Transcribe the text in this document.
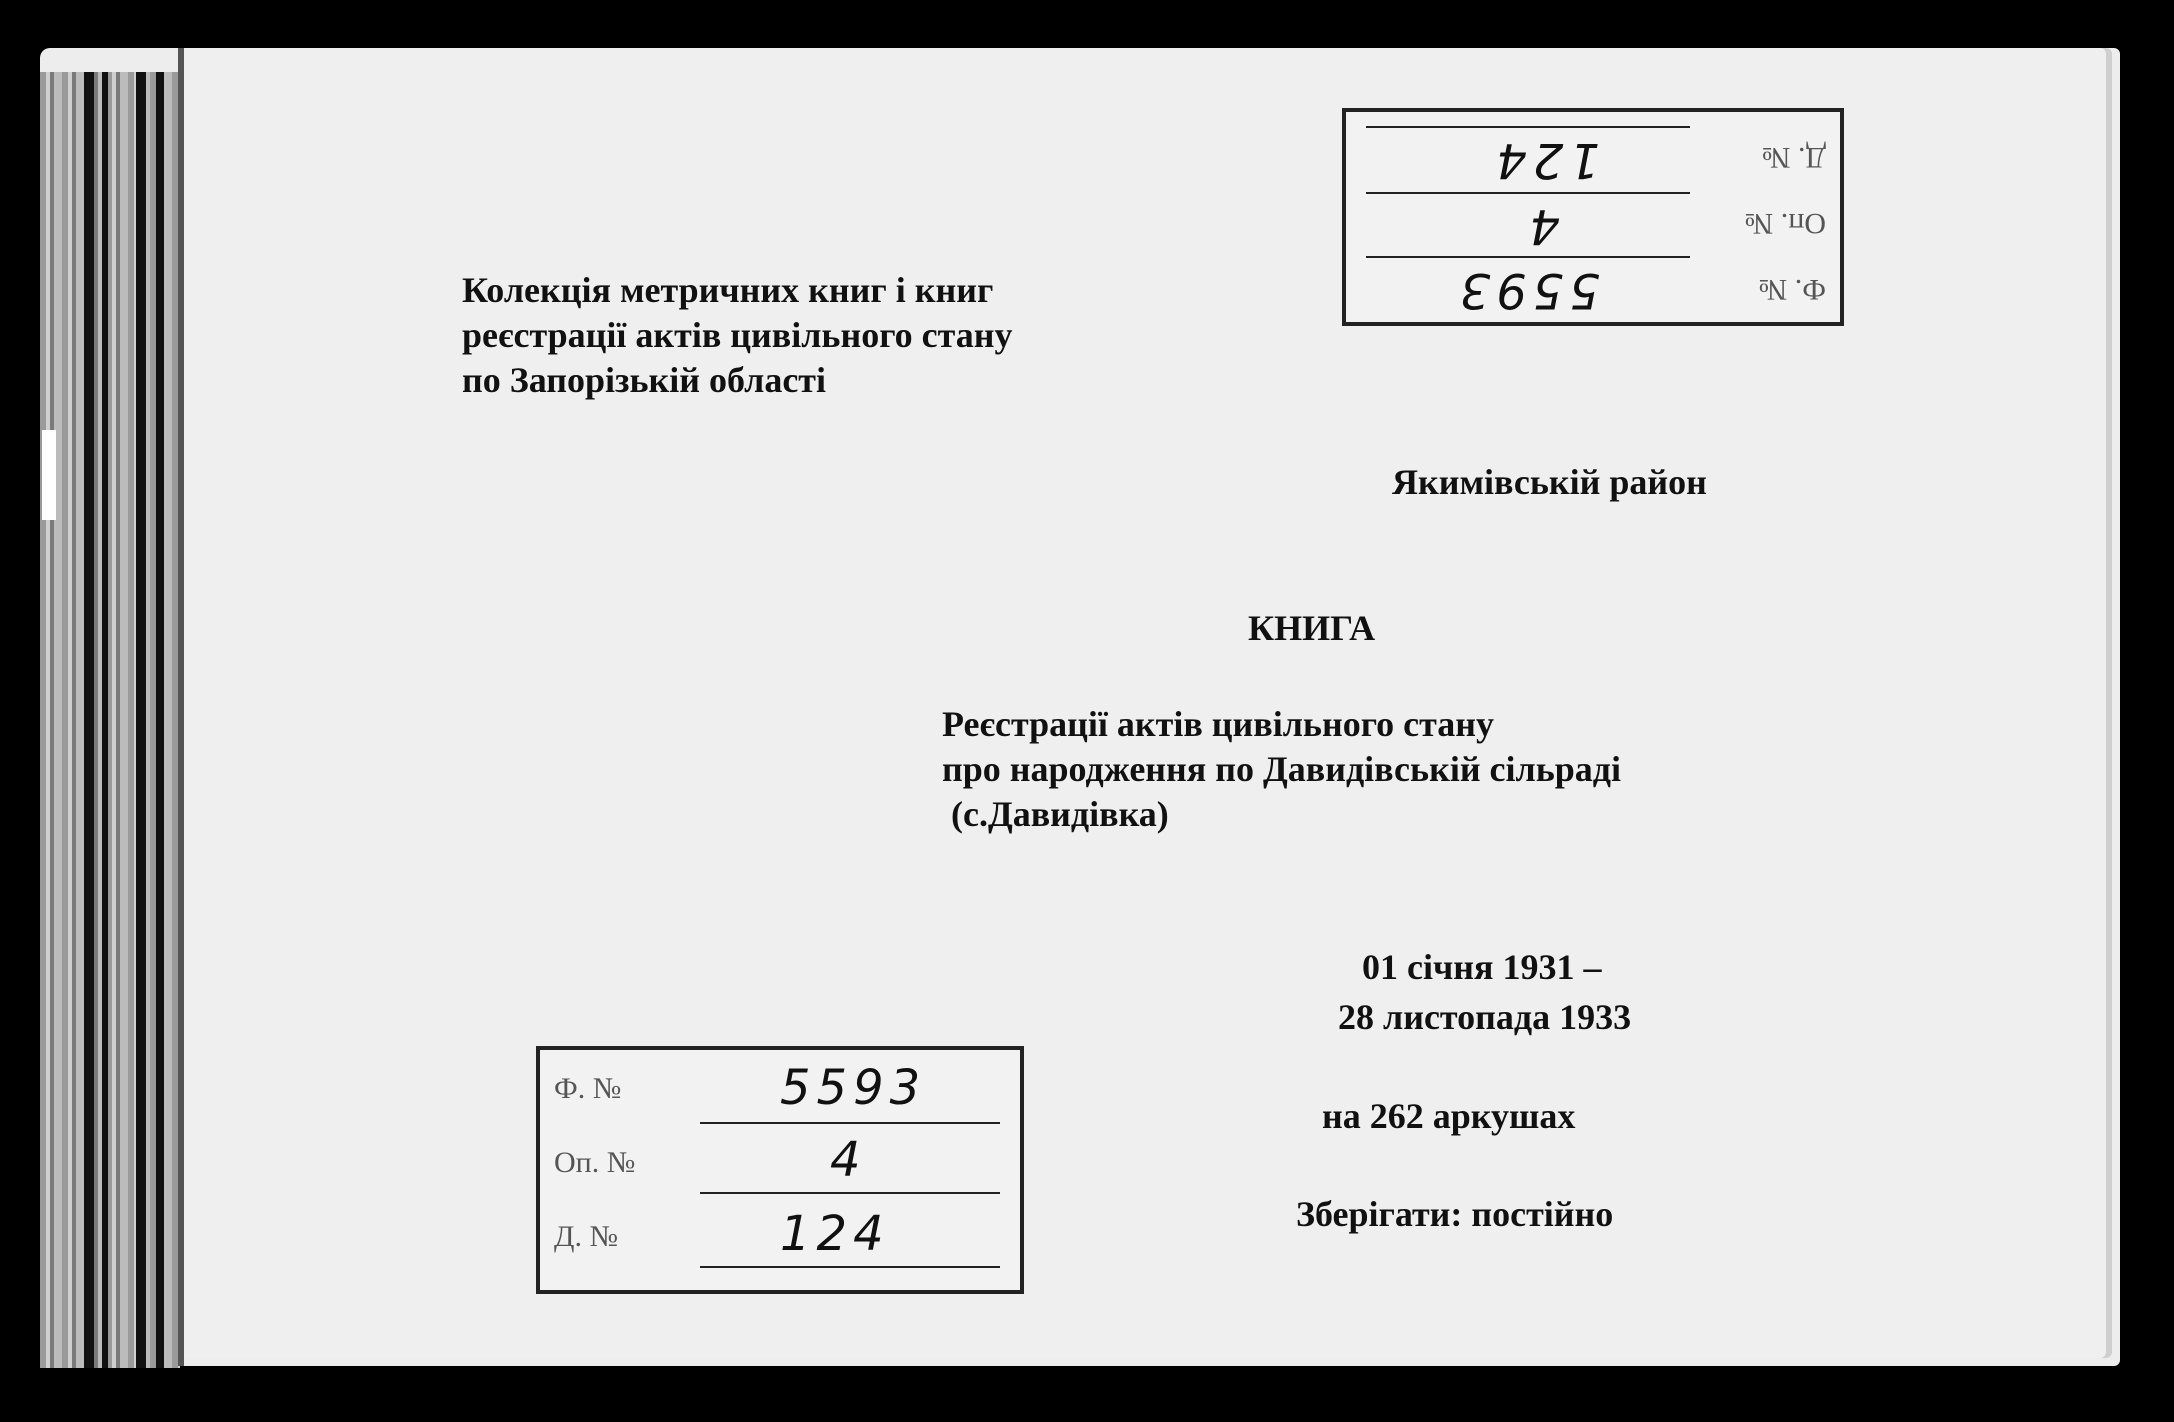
Колекція метричних книг і книг
реєстрації актів цивільного стану
по Запорізькій області
Якимівськiй район
КНИГА
Реєстрації актів цивільного стану
про народження по Давидівській сільраді
(с.Давидівка)
01 січня 1931 –
28 листопада 1933
на 262 аркушах
Зберігати: постійно
Ф. №	5593
Оп. №	4
Д. №	124
Ф. №
5593
Оп. №
4
Д. №
124
